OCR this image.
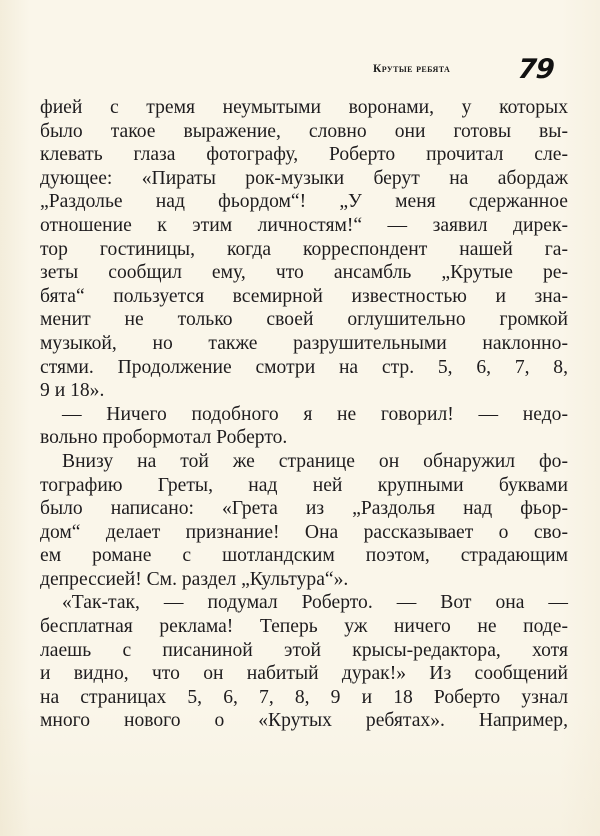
Крутые ребята 79
фией с тремя неумытыми воронами, у которых
было такое выражение, словно они готовы вы-
клевать глаза фотографу, Роберто прочитал сле-
дующее: «Пираты рок-музыки берут на абордаж
„Раздолье над фьордом“! „У меня сдержанное
отношение к этим личностям!“ — заявил дирек-
тор гостиницы, когда корреспондент нашей га-
зеты сообщил ему, что ансамбль „Крутые ре-
бята“ пользуется всемирной известностью и зна-
менит не только своей оглушительно громкой
музыкой, но также разрушительными наклонно-
стями. Продолжение смотри на стр. 5, 6, 7, 8,
9 и 18».
— Ничего подобного я не говорил! — недо-
вольно пробормотал Роберто.
Внизу на той же странице он обнаружил фо-
тографию Греты, над ней крупными буквами
было написано: «Грета из „Раздолья над фьор-
дом“ делает признание! Она рассказывает о сво-
ем романе с шотландским поэтом, страдающим
депрессией! См. раздел „Культура“».
«Так-так, — подумал Роберто. — Вот она —
бесплатная реклама! Теперь уж ничего не поде-
лаешь с писаниной этой крысы-редактора, хотя
и видно, что он набитый дурак!» Из сообщений
на страницах 5, 6, 7, 8, 9 и 18 Роберто узнал
много нового о «Крутых ребятах». Например,
